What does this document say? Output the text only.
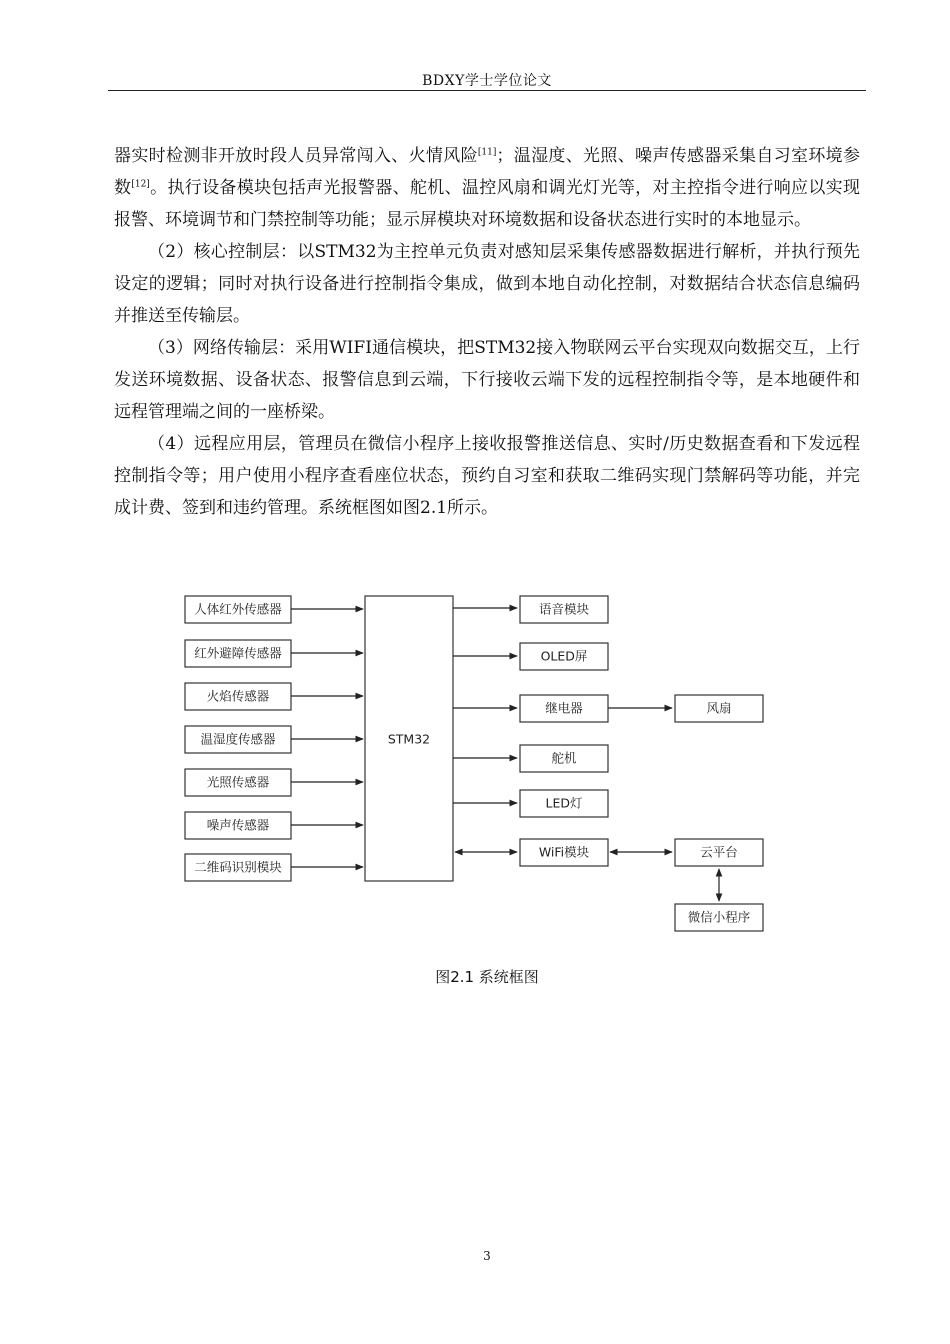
BDXY学士学位论文

器实时检测非开放时段人员异常闯入、火情风险[11]；温湿度、光照、噪声传感器采集自习室环境参数[12]。执行设备模块包括声光报警器、舵机、温控风扇和调光灯光等，对主控指令进行响应以实现报警、环境调节和门禁控制等功能；显示屏模块对环境数据和设备状态进行实时的本地显示。

（2）核心控制层：以STM32为主控单元负责对感知层采集传感器数据进行解析，并执行预先设定的逻辑；同时对执行设备进行控制指令集成，做到本地自动化控制，对数据结合状态信息编码并推送至传输层。

（3）网络传输层：采用WIFI通信模块，把STM32接入物联网云平台实现双向数据交互，上行发送环境数据、设备状态、报警信息到云端，下行接收云端下发的远程控制指令等，是本地硬件和远程管理端之间的一座桥梁。

（4）远程应用层，管理员在微信小程序上接收报警推送信息、实时/历史数据查看和下发远程控制指令等；用户使用小程序查看座位状态，预约自习室和获取二维码实现门禁解码等功能，并完成计费、签到和违约管理。系统框图如图2.1所示。

人体红外传感器
红外避障传感器
火焰传感器
温湿度传感器
光照传感器
噪声传感器
二维码识别模块
STM32
语音模块
OLED屏
继电器
舵机
LED灯
WiFi模块
风扇
云平台
微信小程序
图2.1 系统框图
3
